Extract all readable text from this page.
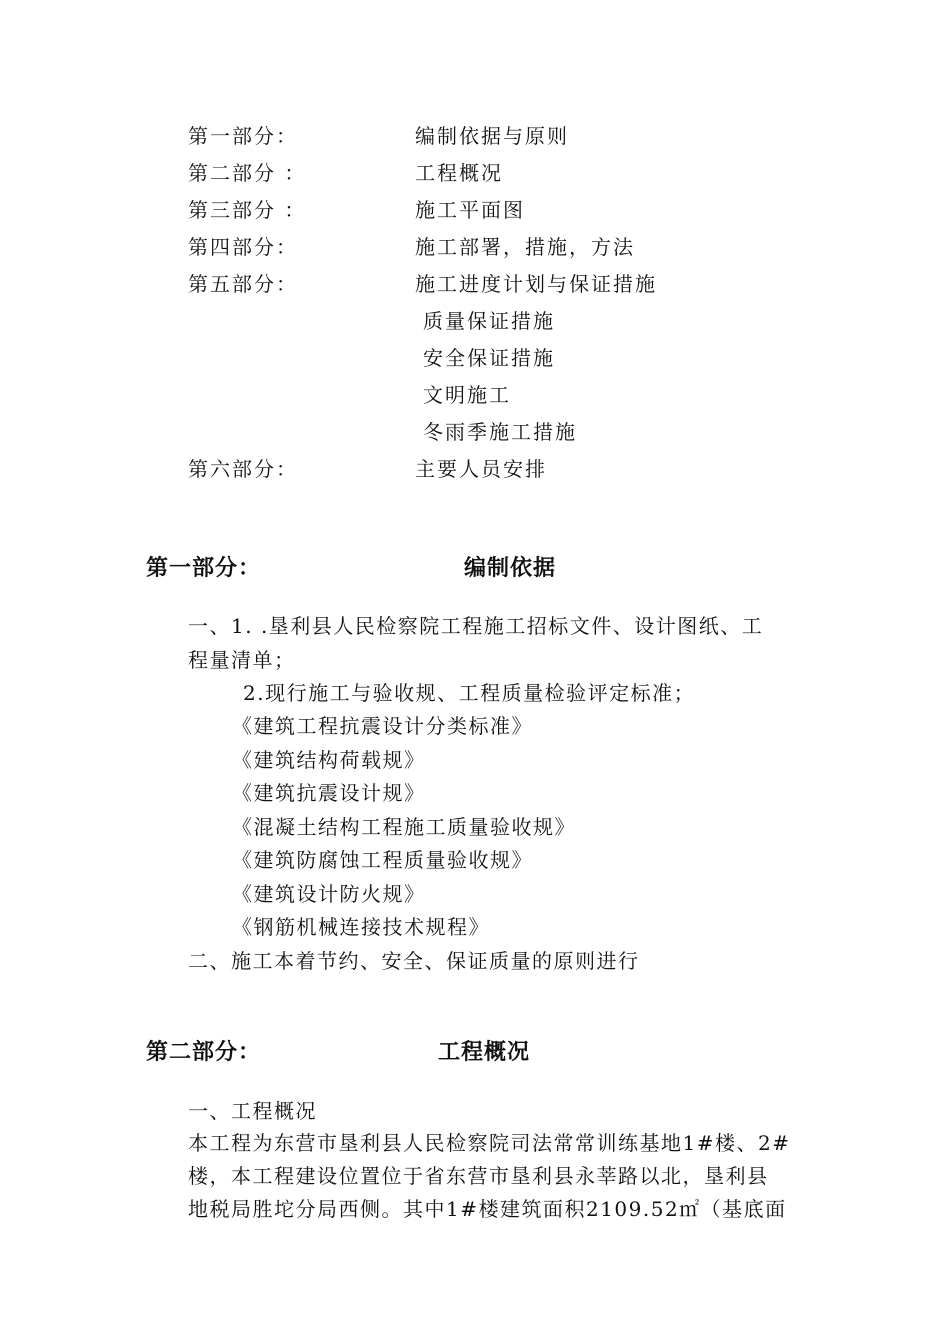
第一部分：	编制依据与原则
第二部分 ：	工程概况
第三部分 ：	施工平面图
第四部分：	施工部署，措施，方法
第五部分：	施工进度计划与保证措施
质量保证措施
安全保证措施
文明施工
冬雨季施工措施
第六部分：	主要人员安排
第一部分：	编制依据
一、1. .垦利县人民检察院工程施工招标文件、设计图纸、工
程量清单；
2.现行施工与验收规、工程质量检验评定标准；
《建筑工程抗震设计分类标准》
《建筑结构荷载规》
《建筑抗震设计规》
《混凝土结构工程施工质量验收规》
《建筑防腐蚀工程质量验收规》
《建筑设计防火规》
《钢筋机械连接技术规程》
二、施工本着节约、安全、保证质量的原则进行
第二部分：	工程概况
一、工程概况
本工程为东营市垦利县人民检察院司法常常训练基地1#楼、2#
楼，本工程建设位置位于省东营市垦利县永莘路以北，垦利县
地税局胜坨分局西侧。其中1#楼建筑面积2109.52㎡（基底面
